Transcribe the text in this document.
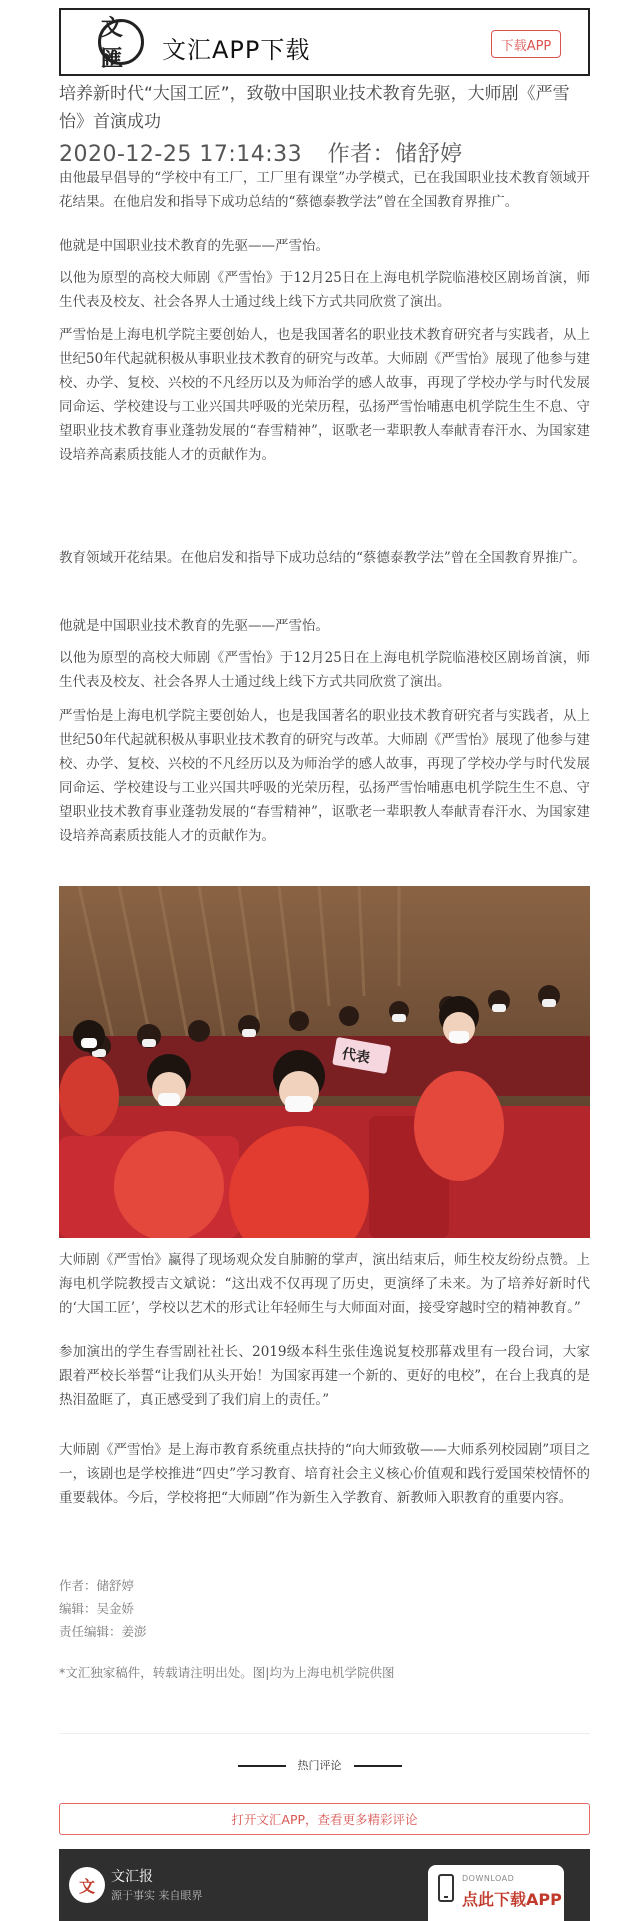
文匯	文汇APP下载	下载APP
培养新时代“大国工匠”，致敬中国职业技术教育先驱，大师剧《严雪怡》首演成功
2020-12-25 17:14:33 作者：储舒婷

由他最早倡导的“学校中有工厂，工厂里有课堂”办学模式，已在我国职业技术教育领域开花结果。在他启发和指导下成功总结的“蔡德泰教学法”曾在全国教育界推广。

他就是中国职业技术教育的先驱——严雪怡。

以他为原型的高校大师剧《严雪怡》于12月25日在上海电机学院临港校区剧场首演，师生代表及校友、社会各界人士通过线上线下方式共同欣赏了演出。

严雪怡是上海电机学院主要创始人，也是我国著名的职业技术教育研究者与实践者，从上世纪50年代起就积极从事职业技术教育的研究与改革。大师剧《严雪怡》展现了他参与建校、办学、复校、兴校的不凡经历以及为师治学的感人故事，再现了学校办学与时代发展同命运、学校建设与工业兴国共呼吸的光荣历程，弘扬严雪怡哺惠电机学院生生不息、守望职业技术教育事业蓬勃发展的“春雪精神”，讴歌老一辈职教人奉献青春汗水、为国家建设培养高素质技能人才的贡献作为。

教育领域开花结果。在他启发和指导下成功总结的“蔡德泰教学法”曾在全国教育界推广。

他就是中国职业技术教育的先驱——严雪怡。

以他为原型的高校大师剧《严雪怡》于12月25日在上海电机学院临港校区剧场首演，师生代表及校友、社会各界人士通过线上线下方式共同欣赏了演出。

严雪怡是上海电机学院主要创始人，也是我国著名的职业技术教育研究者与实践者，从上世纪50年代起就积极从事职业技术教育的研究与改革。大师剧《严雪怡》展现了他参与建校、办学、复校、兴校的不凡经历以及为师治学的感人故事，再现了学校办学与时代发展同命运、学校建设与工业兴国共呼吸的光荣历程，弘扬严雪怡哺惠电机学院生生不息、守望职业技术教育事业蓬勃发展的“春雪精神”，讴歌老一辈职教人奉献青春汗水、为国家建设培养高素质技能人才的贡献作为。

代表

大师剧《严雪怡》赢得了现场观众发自肺腑的掌声，演出结束后，师生校友纷纷点赞。上海电机学院教授吉文斌说：“这出戏不仅再现了历史，更演绎了未来。为了培养好新时代的‘大国工匠’，学校以艺术的形式让年轻师生与大师面对面，接受穿越时空的精神教育。”

参加演出的学生春雪剧社社长、2019级本科生张佳逸说复校那幕戏里有一段台词，大家跟着严校长举誓“让我们从头开始！为国家再建一个新的、更好的电校”，在台上我真的是热泪盈眶了，真正感受到了我们肩上的责任。”

大师剧《严雪怡》是上海市教育系统重点扶持的“向大师致敬——大师系列校园剧”项目之一，该剧也是学校推进“四史”学习教育、培育社会主义核心价值观和践行爱国荣校情怀的重要载体。今后，学校将把“大师剧”作为新生入学教育、新教师入职教育的重要内容。

作者：储舒婷
编辑：吴金娇
责任编辑：姜澎
*文汇独家稿件，转载请注明出处。图|均为上海电机学院供图
热门评论
打开文汇APP，查看更多精彩评论
文	文汇报
源于事实 来自眼界
DOWNLOAD
点此下载APP
